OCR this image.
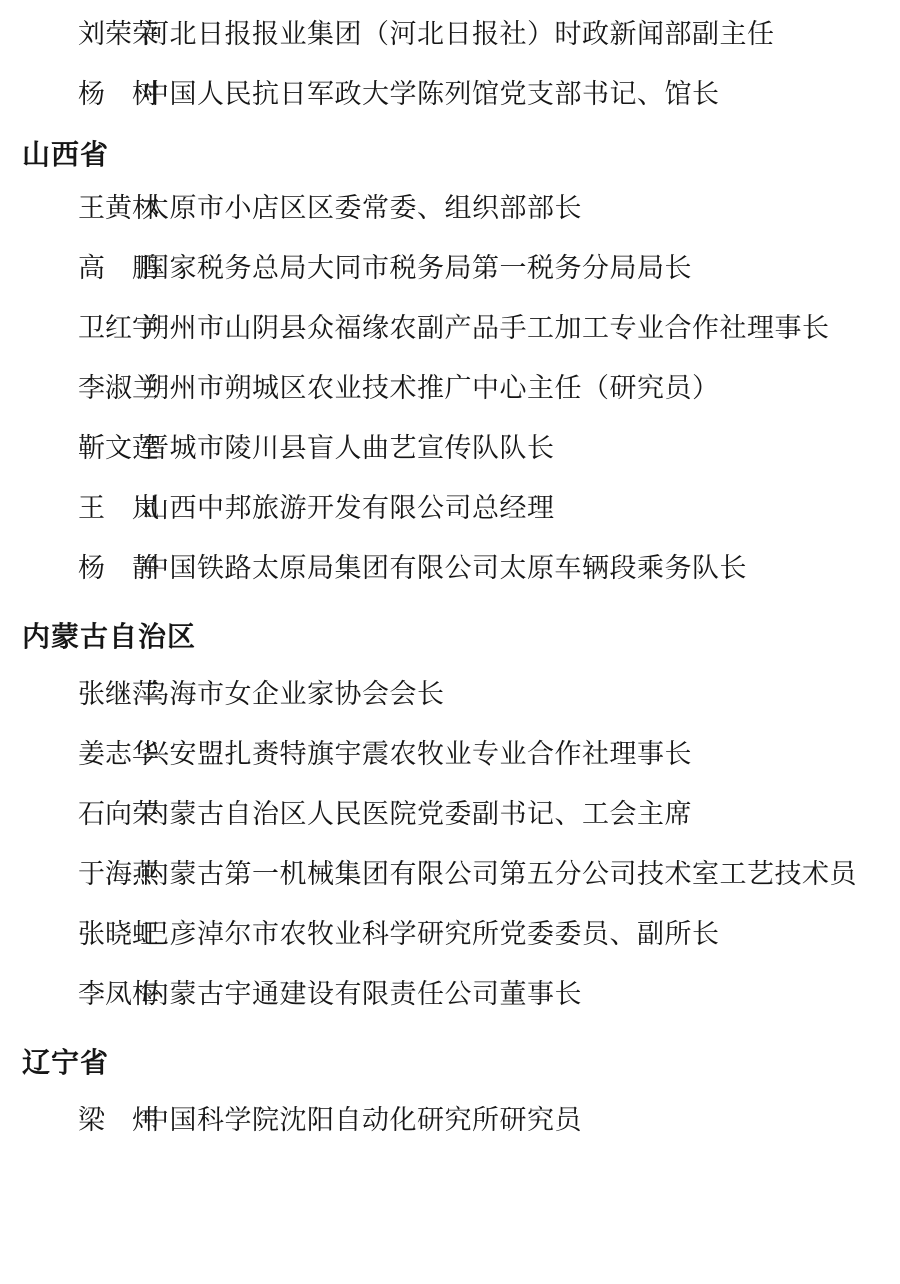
刘荣荣
河北日报报业集团（河北日报社）时政新闻部副主任
杨　树
中国人民抗日军政大学陈列馆党支部书记、馆长
山西省
王黄林
太原市小店区区委常委、组织部部长
高　鹏
国家税务总局大同市税务局第一税务分局局长
卫红宇
朔州市山阴县众福缘农副产品手工加工专业合作社理事长
李淑兰
朔州市朔城区农业技术推广中心主任（研究员）
靳文莲
晋城市陵川县盲人曲艺宣传队队长
王　岚
山西中邦旅游开发有限公司总经理
杨　静
中国铁路太原局集团有限公司太原车辆段乘务队长
内蒙古自治区
张继萍
乌海市女企业家协会会长
姜志华
兴安盟扎赉特旗宇震农牧业专业合作社理事长
石向荣
内蒙古自治区人民医院党委副书记、工会主席
于海燕
内蒙古第一机械集团有限公司第五分公司技术室工艺技术员
张晓虹
巴彦淖尔市农牧业科学研究所党委委员、副所长
李凤梅
内蒙古宇通建设有限责任公司董事长
辽宁省
梁　炜
中国科学院沈阳自动化研究所研究员
